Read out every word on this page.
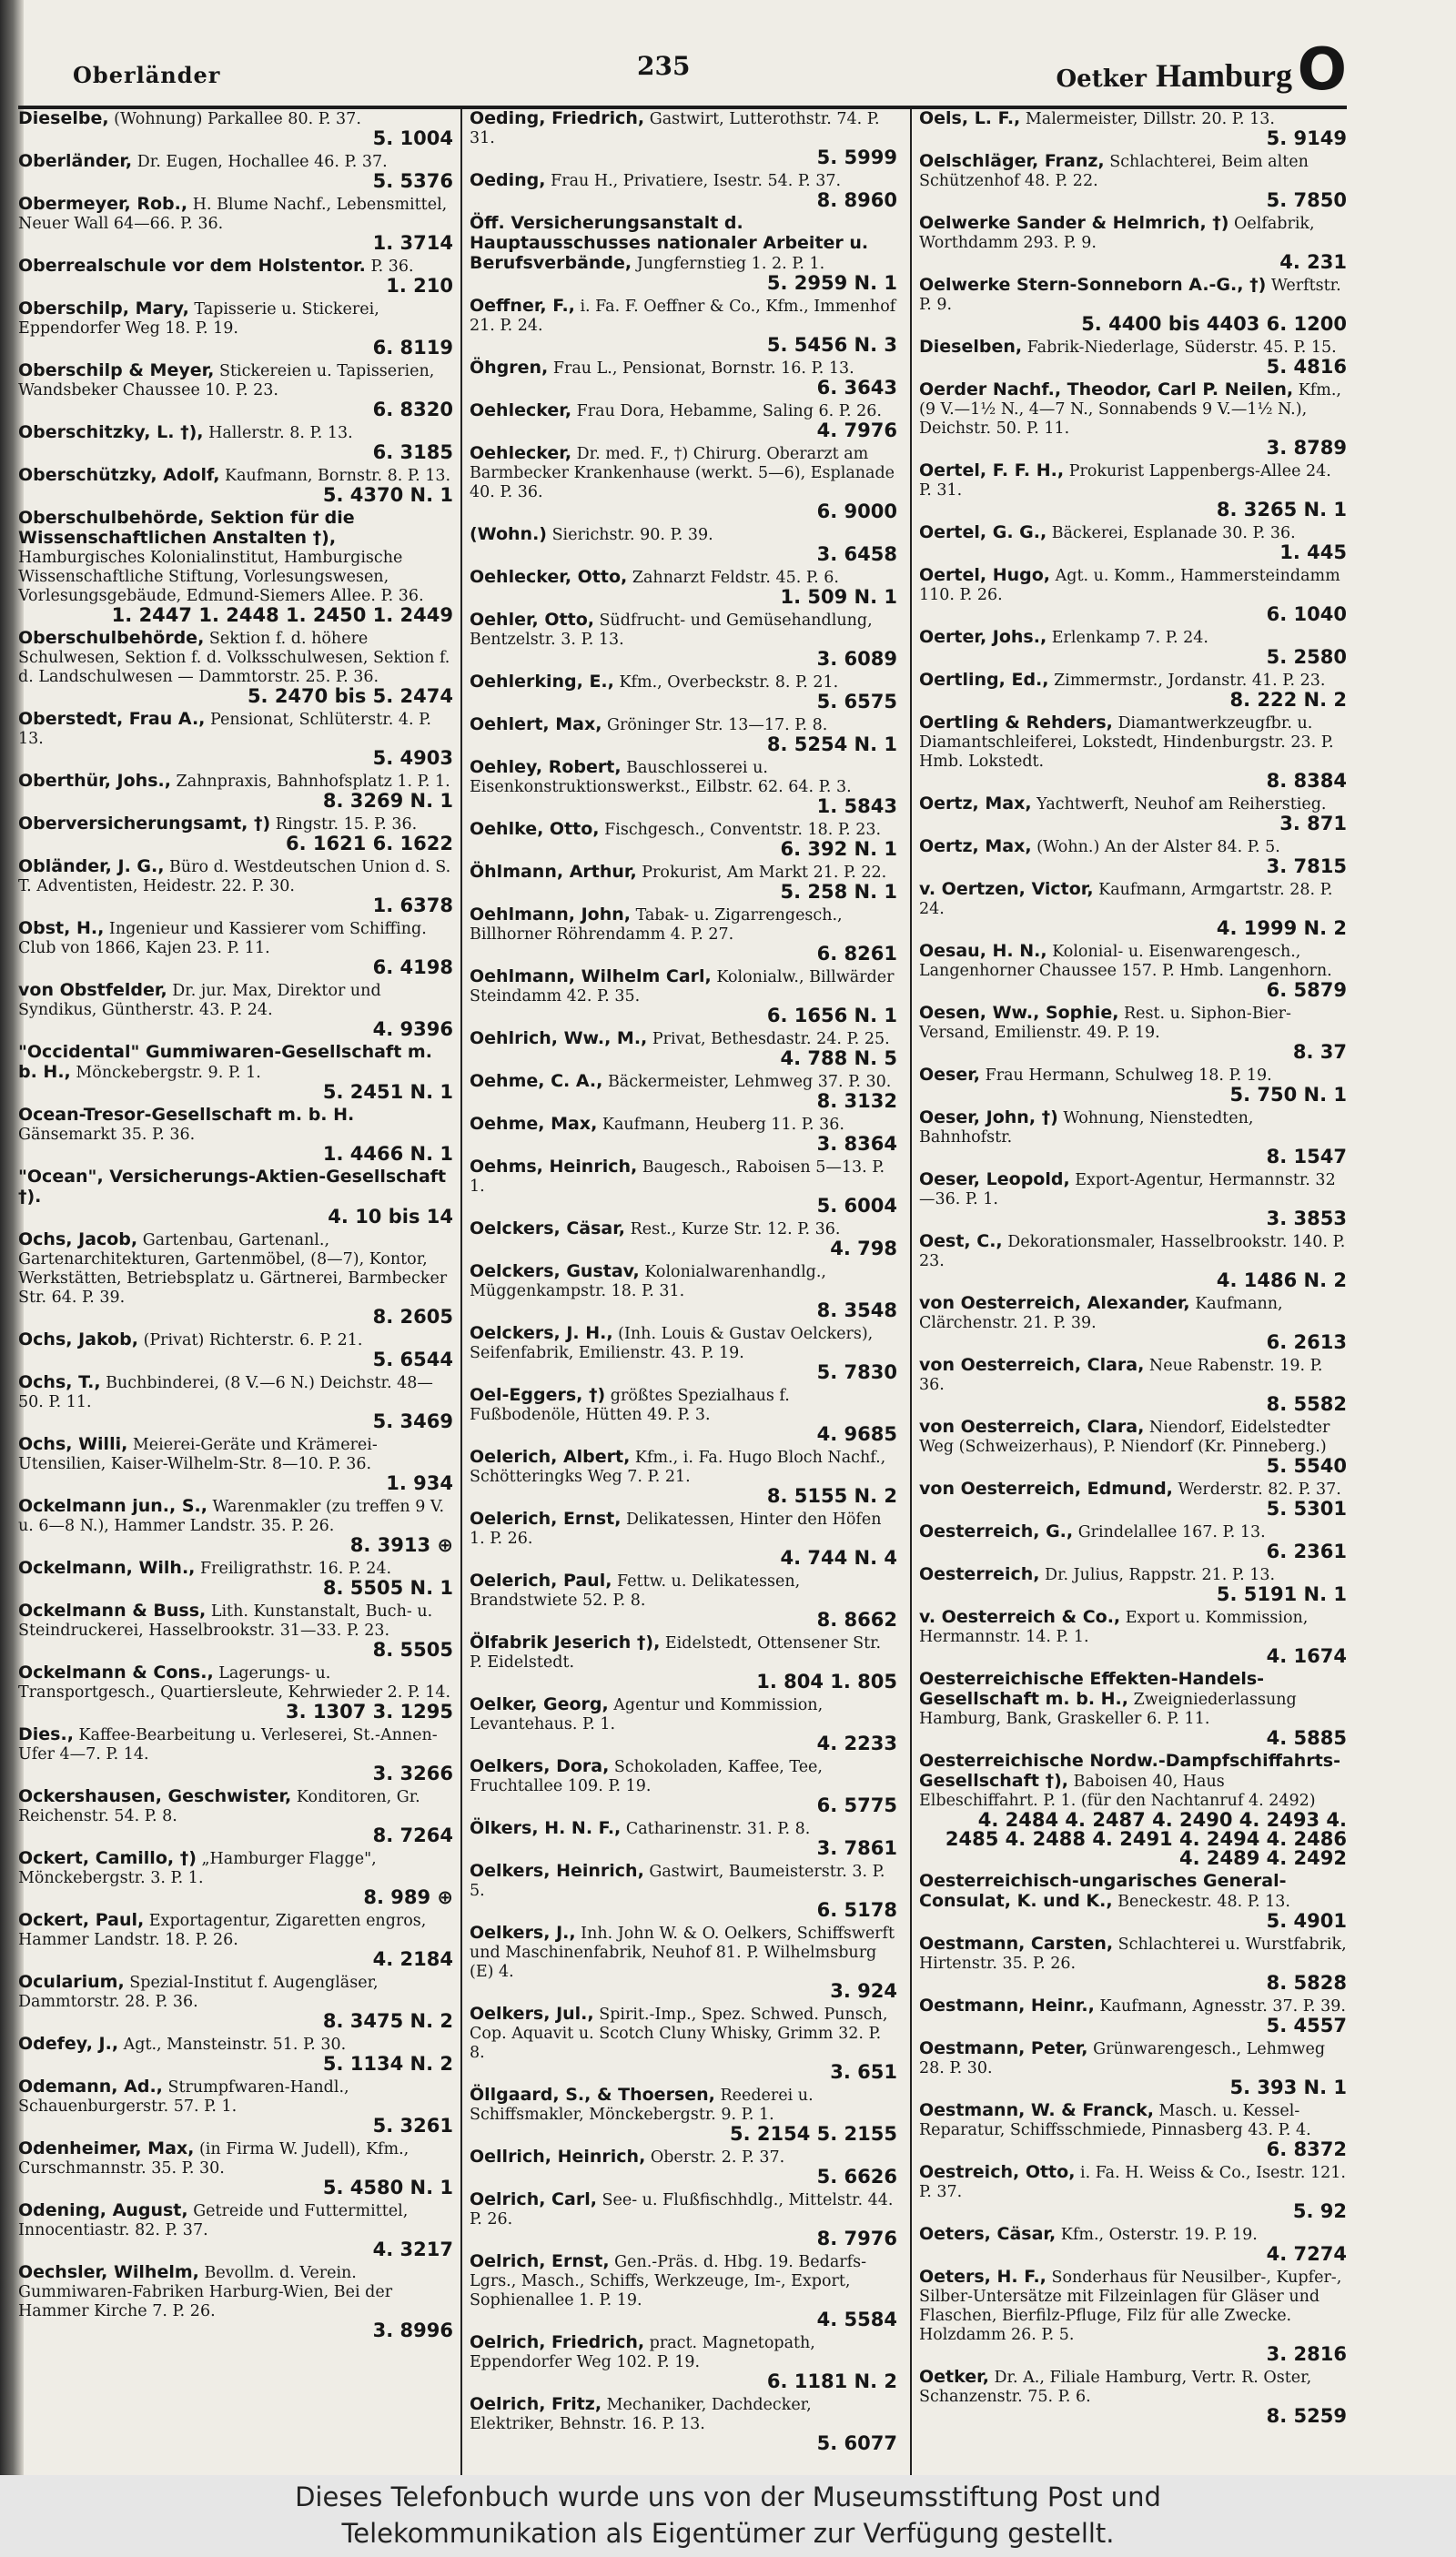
Oberländer	235	Oetker Hamburg O
Dieselbe, (Wohnung) Parkallee 80. P. 37.
5. 1004
Oberländer, Dr. Eugen, Hochallee 46. P. 37.
5. 5376
Obermeyer, Rob., H. Blume Nachf., Lebensmittel, Neuer Wall 64—66. P. 36.
1. 3714
Oberrealschule vor dem Holstentor. P. 36.
1. 210
Oberschilp, Mary, Tapisserie u. Stickerei, Eppendorfer Weg 18. P. 19.
6. 8119
Oberschilp & Meyer, Stickereien u. Tapisserien, Wandsbeker Chaussee 10. P. 23.
6. 8320
Oberschitzky, L. †), Hallerstr. 8. P. 13.
6. 3185
Oberschützky, Adolf, Kaufmann, Bornstr. 8. P. 13.
5. 4370 N. 1
Oberschulbehörde, Sektion für die Wissenschaftlichen Anstalten †), Hamburgisches Kolonialinstitut, Hamburgische Wissenschaftliche Stiftung, Vorlesungswesen, Vorlesungsgebäude, Edmund-Siemers Allee. P. 36.
1. 2447 1. 2448 1. 2450 1. 2449
Oberschulbehörde, Sektion f. d. höhere Schulwesen, Sektion f. d. Volksschulwesen, Sektion f. d. Landschulwesen — Dammtorstr. 25. P. 36.
5. 2470 bis 5. 2474
Oberstedt, Frau A., Pensionat, Schlüterstr. 4. P. 13.
5. 4903
Oberthür, Johs., Zahnpraxis, Bahnhofsplatz 1. P. 1.
8. 3269 N. 1
Oberversicherungsamt, †) Ringstr. 15. P. 36.
6. 1621 6. 1622
Obländer, J. G., Büro d. Westdeutschen Union d. S. T. Adventisten, Heidestr. 22. P. 30.
1. 6378
Obst, H., Ingenieur und Kassierer vom Schiffing. Club von 1866, Kajen 23. P. 11.
6. 4198
von Obstfelder, Dr. jur. Max, Direktor und Syndikus, Güntherstr. 43. P. 24.
4. 9396
"Occidental" Gummiwaren-Gesellschaft m. b. H., Mönckebergstr. 9. P. 1.
5. 2451 N. 1
Ocean-Tresor-Gesellschaft m. b. H. Gänsemarkt 35. P. 36.
1. 4466 N. 1
"Ocean", Versicherungs-Aktien-Gesellschaft †).
4. 10 bis 14
Ochs, Jacob, Gartenbau, Gartenanl., Gartenarchitekturen, Gartenmöbel, (8—7), Kontor, Werkstätten, Betriebsplatz u. Gärtnerei, Barmbecker Str. 64. P. 39.
8. 2605
Ochs, Jakob, (Privat) Richterstr. 6. P. 21.
5. 6544
Ochs, T., Buchbinderei, (8 V.—6 N.) Deichstr. 48—50. P. 11.
5. 3469
Ochs, Willi, Meierei-Geräte und Krämerei-Utensilien, Kaiser-Wilhelm-Str. 8—10. P. 36.
1. 934
Ockelmann jun., S., Warenmakler (zu treffen 9 V. u. 6—8 N.), Hammer Landstr. 35. P. 26.
8. 3913 ⊕
Ockelmann, Wilh., Freiligrathstr. 16. P. 24.
8. 5505 N. 1
Ockelmann & Buss, Lith. Kunstanstalt, Buch- u. Steindruckerei, Hasselbrookstr. 31—33. P. 23.
8. 5505
Ockelmann & Cons., Lagerungs- u. Transportgesch., Quartiersleute, Kehrwieder 2. P. 14.
3. 1307 3. 1295
Dies., Kaffee-Bearbeitung u. Verleserei, St.-Annen-Ufer 4—7. P. 14.
3. 3266
Ockershausen, Geschwister, Konditoren, Gr. Reichenstr. 54. P. 8.
8. 7264
Ockert, Camillo, †) „Hamburger Flagge", Mönckebergstr. 3. P. 1.
8. 989 ⊕
Ockert, Paul, Exportagentur, Zigaretten engros, Hammer Landstr. 18. P. 26.
4. 2184
Ocularium, Spezial-Institut f. Augengläser, Dammtorstr. 28. P. 36.
8. 3475 N. 2
Odefey, J., Agt., Mansteinstr. 51. P. 30.
5. 1134 N. 2
Odemann, Ad., Strumpfwaren-Handl., Schauenburgerstr. 57. P. 1.
5. 3261
Odenheimer, Max, (in Firma W. Judell), Kfm., Curschmannstr. 35. P. 30.
5. 4580 N. 1
Odening, August, Getreide und Futtermittel, Innocentiastr. 82. P. 37.
4. 3217
Oechsler, Wilhelm, Bevollm. d. Verein. Gummiwaren-Fabriken Harburg-Wien, Bei der Hammer Kirche 7. P. 26.
3. 8996
Oeding, Friedrich, Gastwirt, Lutterothstr. 74. P. 31.
5. 5999
Oeding, Frau H., Privatiere, Isestr. 54. P. 37.
8. 8960
Öff. Versicherungsanstalt d. Hauptausschusses nationaler Arbeiter u. Berufsverbände, Jungfernstieg 1. 2. P. 1.
5. 2959 N. 1
Oeffner, F., i. Fa. F. Oeffner & Co., Kfm., Immenhof 21. P. 24.
5. 5456 N. 3
Öhgren, Frau L., Pensionat, Bornstr. 16. P. 13.
6. 3643
Oehlecker, Frau Dora, Hebamme, Saling 6. P. 26.
4. 7976
Oehlecker, Dr. med. F., †) Chirurg. Oberarzt am Barmbecker Krankenhause (werkt. 5—6), Esplanade 40. P. 36.
6. 9000
(Wohn.) Sierichstr. 90. P. 39.
3. 6458
Oehlecker, Otto, Zahnarzt Feldstr. 45. P. 6.
1. 509 N. 1
Oehler, Otto, Südfrucht- und Gemüsehandlung, Bentzelstr. 3. P. 13.
3. 6089
Oehlerking, E., Kfm., Overbeckstr. 8. P. 21.
5. 6575
Oehlert, Max, Gröninger Str. 13—17. P. 8.
8. 5254 N. 1
Oehley, Robert, Bauschlosserei u. Eisenkonstruktionswerkst., Eilbstr. 62. 64. P. 3.
1. 5843
Oehlke, Otto, Fischgesch., Conventstr. 18. P. 23.
6. 392 N. 1
Öhlmann, Arthur, Prokurist, Am Markt 21. P. 22.
5. 258 N. 1
Oehlmann, John, Tabak- u. Zigarrengesch., Billhorner Röhrendamm 4. P. 27.
6. 8261
Oehlmann, Wilhelm Carl, Kolonialw., Billwärder Steindamm 42. P. 35.
6. 1656 N. 1
Oehlrich, Ww., M., Privat, Bethesdastr. 24. P. 25.
4. 788 N. 5
Oehme, C. A., Bäckermeister, Lehmweg 37. P. 30.
8. 3132
Oehme, Max, Kaufmann, Heuberg 11. P. 36.
3. 8364
Oehms, Heinrich, Baugesch., Raboisen 5—13. P. 1.
5. 6004
Oelckers, Cäsar, Rest., Kurze Str. 12. P. 36.
4. 798
Oelckers, Gustav, Kolonialwarenhandlg., Müggenkampstr. 18. P. 31.
8. 3548
Oelckers, J. H., (Inh. Louis & Gustav Oelckers), Seifenfabrik, Emilienstr. 43. P. 19.
5. 7830
Oel-Eggers, †) größtes Spezialhaus f. Fußbodenöle, Hütten 49. P. 3.
4. 9685
Oelerich, Albert, Kfm., i. Fa. Hugo Bloch Nachf., Schötteringks Weg 7. P. 21.
8. 5155 N. 2
Oelerich, Ernst, Delikatessen, Hinter den Höfen 1. P. 26.
4. 744 N. 4
Oelerich, Paul, Fettw. u. Delikatessen, Brandstwiete 52. P. 8.
8. 8662
Ölfabrik Jeserich †), Eidelstedt, Ottensener Str. P. Eidelstedt.
1. 804 1. 805
Oelker, Georg, Agentur und Kommission, Levantehaus. P. 1.
4. 2233
Oelkers, Dora, Schokoladen, Kaffee, Tee, Fruchtallee 109. P. 19.
6. 5775
Ölkers, H. N. F., Catharinenstr. 31. P. 8.
3. 7861
Oelkers, Heinrich, Gastwirt, Baumeisterstr. 3. P. 5.
6. 5178
Oelkers, J., Inh. John W. & O. Oelkers, Schiffswerft und Maschinenfabrik, Neuhof 81. P. Wilhelmsburg (E) 4.
3. 924
Oelkers, Jul., Spirit.-Imp., Spez. Schwed. Punsch, Cop. Aquavit u. Scotch Cluny Whisky, Grimm 32. P. 8.
3. 651
Öllgaard, S., & Thoersen, Reederei u. Schiffsmakler, Mönckebergstr. 9. P. 1.
5. 2154 5. 2155
Oellrich, Heinrich, Oberstr. 2. P. 37.
5. 6626
Oelrich, Carl, See- u. Flußfischhdlg., Mittelstr. 44. P. 26.
8. 7976
Oelrich, Ernst, Gen.-Präs. d. Hbg. 19. Bedarfs-Lgrs., Masch., Schiffs, Werkzeuge, Im-, Export, Sophienallee 1. P. 19.
4. 5584
Oelrich, Friedrich, pract. Magnetopath, Eppendorfer Weg 102. P. 19.
6. 1181 N. 2
Oelrich, Fritz, Mechaniker, Dachdecker, Elektriker, Behnstr. 16. P. 13.
5. 6077
Oels, L. F., Malermeister, Dillstr. 20. P. 13.
5. 9149
Oelschläger, Franz, Schlachterei, Beim alten Schützenhof 48. P. 22.
5. 7850
Oelwerke Sander & Helmrich, †) Oelfabrik, Worthdamm 293. P. 9.
4. 231
Oelwerke Stern-Sonneborn A.-G., †) Werftstr. P. 9.
5. 4400 bis 4403 6. 1200
Dieselben, Fabrik-Niederlage, Süderstr. 45. P. 15.
5. 4816
Oerder Nachf., Theodor, Carl P. Neilen, Kfm., (9 V.—1½ N., 4—7 N., Sonnabends 9 V.—1½ N.), Deichstr. 50. P. 11.
3. 8789
Oertel, F. F. H., Prokurist Lappenbergs-Allee 24. P. 31.
8. 3265 N. 1
Oertel, G. G., Bäckerei, Esplanade 30. P. 36.
1. 445
Oertel, Hugo, Agt. u. Komm., Hammersteindamm 110. P. 26.
6. 1040
Oerter, Johs., Erlenkamp 7. P. 24.
5. 2580
Oertling, Ed., Zimmermstr., Jordanstr. 41. P. 23.
8. 222 N. 2
Oertling & Rehders, Diamantwerkzeugfbr. u. Diamantschleiferei, Lokstedt, Hindenburgstr. 23. P. Hmb. Lokstedt.
8. 8384
Oertz, Max, Yachtwerft, Neuhof am Reiherstieg.
3. 871
Oertz, Max, (Wohn.) An der Alster 84. P. 5.
3. 7815
v. Oertzen, Victor, Kaufmann, Armgartstr. 28. P. 24.
4. 1999 N. 2
Oesau, H. N., Kolonial- u. Eisenwarengesch., Langenhorner Chaussee 157. P. Hmb. Langenhorn.
6. 5879
Oesen, Ww., Sophie, Rest. u. Siphon-Bier-Versand, Emilienstr. 49. P. 19.
8. 37
Oeser, Frau Hermann, Schulweg 18. P. 19.
5. 750 N. 1
Oeser, John, †) Wohnung, Nienstedten, Bahnhofstr.
8. 1547
Oeser, Leopold, Export-Agentur, Hermannstr. 32—36. P. 1.
3. 3853
Oest, C., Dekorationsmaler, Hasselbrookstr. 140. P. 23.
4. 1486 N. 2
von Oesterreich, Alexander, Kaufmann, Clärchenstr. 21. P. 39.
6. 2613
von Oesterreich, Clara, Neue Rabenstr. 19. P. 36.
8. 5582
von Oesterreich, Clara, Niendorf, Eidelstedter Weg (Schweizerhaus), P. Niendorf (Kr. Pinneberg.)
5. 5540
von Oesterreich, Edmund, Werderstr. 82. P. 37.
5. 5301
Oesterreich, G., Grindelallee 167. P. 13.
6. 2361
Oesterreich, Dr. Julius, Rappstr. 21. P. 13.
5. 5191 N. 1
v. Oesterreich & Co., Export u. Kommission, Hermannstr. 14. P. 1.
4. 1674
Oesterreichische Effekten-Handels-Gesellschaft m. b. H., Zweigniederlassung Hamburg, Bank, Graskeller 6. P. 11.
4. 5885
Oesterreichische Nordw.-Dampfschiffahrts-Gesellschaft †), Baboisen 40, Haus Elbeschiffahrt. P. 1. (für den Nachtanruf 4. 2492)
4. 2484 4. 2487 4. 2490 4. 2493 4. 2485 4. 2488 4. 2491 4. 2494 4. 2486 4. 2489 4. 2492
Oesterreichisch-ungarisches General-Consulat, K. und K., Beneckestr. 48. P. 13.
5. 4901
Oestmann, Carsten, Schlachterei u. Wurstfabrik, Hirtenstr. 35. P. 26.
8. 5828
Oestmann, Heinr., Kaufmann, Agnesstr. 37. P. 39.
5. 4557
Oestmann, Peter, Grünwarengesch., Lehmweg 28. P. 30.
5. 393 N. 1
Oestmann, W. & Franck, Masch. u. Kessel-Reparatur, Schiffsschmiede, Pinnasberg 43. P. 4.
6. 8372
Oestreich, Otto, i. Fa. H. Weiss & Co., Isestr. 121. P. 37.
5. 92
Oeters, Cäsar, Kfm., Osterstr. 19. P. 19.
4. 7274
Oeters, H. F., Sonderhaus für Neusilber-, Kupfer-, Silber-Untersätze mit Filzeinlagen für Gläser und Flaschen, Bierfilz-Pfluge, Filz für alle Zwecke. Holzdamm 26. P. 5.
3. 2816
Oetker, Dr. A., Filiale Hamburg, Vertr. R. Oster, Schanzenstr. 75. P. 6.
8. 5259
Dieses Telefonbuch wurde uns von der Museumsstiftung Post und
Telekommunikation als Eigentümer zur Verfügung gestellt.
